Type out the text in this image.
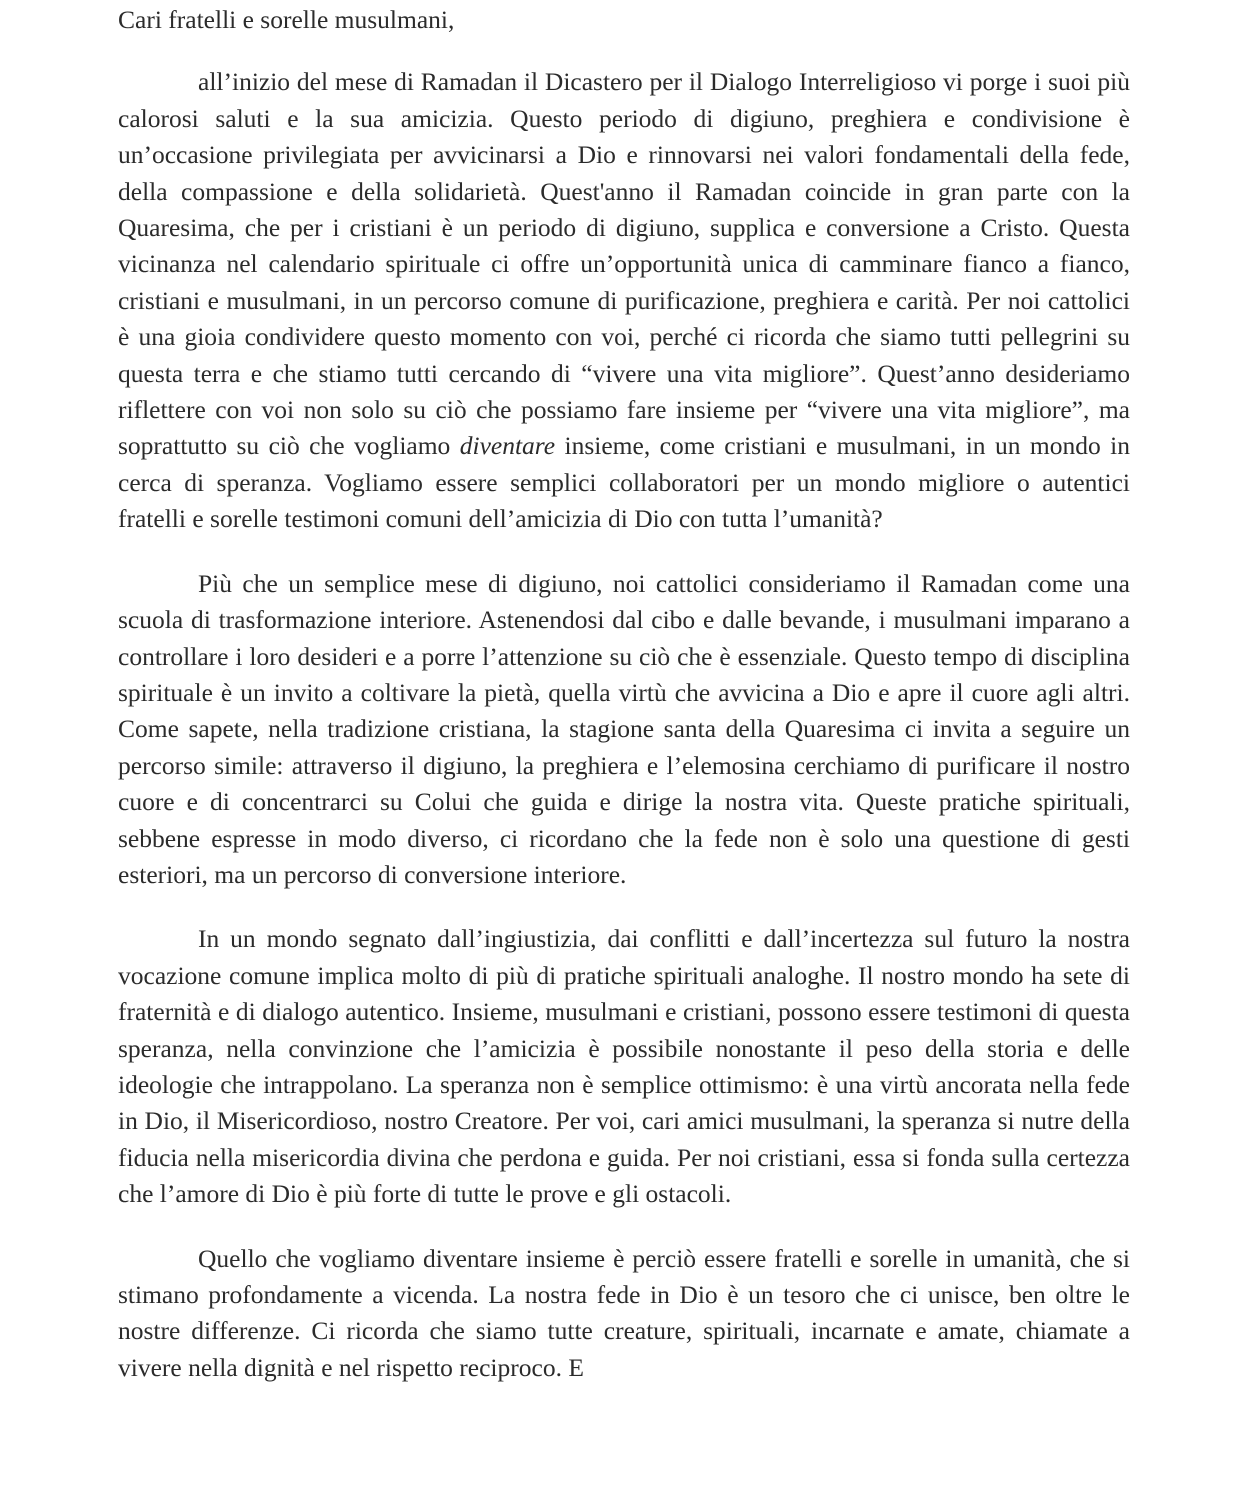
Cari fratelli e sorelle musulmani,

all’inizio del mese di Ramadan il Dicastero per il Dialogo Interreligioso vi porge i suoi più calorosi saluti e la sua amicizia. Questo periodo di digiuno, preghiera e condivisione è un’occasione privilegiata per avvicinarsi a Dio e rinnovarsi nei valori fondamentali della fede, della compassione e della solidarietà. Quest'anno il Ramadan coincide in gran parte con la Quaresima, che per i cristiani è un periodo di digiuno, supplica e conversione a Cristo. Questa vicinanza nel calendario spirituale ci offre un’opportunità unica di camminare fianco a fianco, cristiani e musulmani, in un percorso comune di purificazione, preghiera e carità. Per noi cattolici è una gioia condividere questo momento con voi, perché ci ricorda che siamo tutti pellegrini su questa terra e che stiamo tutti cercando di “vivere una vita migliore”. Quest’anno desideriamo riflettere con voi non solo su ciò che possiamo fare insieme per “vivere una vita migliore”, ma soprattutto su ciò che vogliamo diventare insieme, come cristiani e musulmani, in un mondo in cerca di speranza. Vogliamo essere semplici collaboratori per un mondo migliore o autentici fratelli e sorelle testimoni comuni dell’amicizia di Dio con tutta l’umanità?

Più che un semplice mese di digiuno, noi cattolici consideriamo il Ramadan come una scuola di trasformazione interiore. Astenendosi dal cibo e dalle bevande, i musulmani imparano a controllare i loro desideri e a porre l’attenzione su ciò che è essenziale. Questo tempo di disciplina spirituale è un invito a coltivare la pietà, quella virtù che avvicina a Dio e apre il cuore agli altri. Come sapete, nella tradizione cristiana, la stagione santa della Quaresima ci invita a seguire un percorso simile: attraverso il digiuno, la preghiera e l’elemosina cerchiamo di purificare il nostro cuore e di concentrarci su Colui che guida e dirige la nostra vita. Queste pratiche spirituali, sebbene espresse in modo diverso, ci ricordano che la fede non è solo una questione di gesti esteriori, ma un percorso di conversione interiore.

In un mondo segnato dall’ingiustizia, dai conflitti e dall’incertezza sul futuro la nostra vocazione comune implica molto di più di pratiche spirituali analoghe. Il nostro mondo ha sete di fraternità e di dialogo autentico. Insieme, musulmani e cristiani, possono essere testimoni di questa speranza, nella convinzione che l’amicizia è possibile nonostante il peso della storia e delle ideologie che intrappolano. La speranza non è semplice ottimismo: è una virtù ancorata nella fede in Dio, il Misericordioso, nostro Creatore. Per voi, cari amici musulmani, la speranza si nutre della fiducia nella misericordia divina che perdona e guida. Per noi cristiani, essa si fonda sulla certezza che l’amore di Dio è più forte di tutte le prove e gli ostacoli.

Quello che vogliamo diventare insieme è perciò essere fratelli e sorelle in umanità, che si stimano profondamente a vicenda. La nostra fede in Dio è un tesoro che ci unisce, ben oltre le nostre differenze. Ci ricorda che siamo tutte creature, spirituali, incarnate e amate, chiamate a vivere nella dignità e nel rispetto reciproco. E
